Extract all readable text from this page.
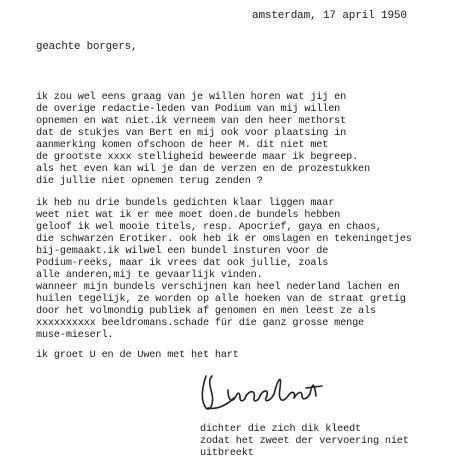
amsterdam, 17 april 1950
geachte borgers,
ik zou wel eens graag van je willen horen wat jij en
de overige redactie-leden van Podium van mij willen
opnemen en wat niet.ik verneem van den heer methorst
dat de stukjes van Bert en mij ook voor plaatsing in
aanmerking komen ofschoon de heer M. dit niet met
de grootste xxxx stelligheid beweerde maar ik begreep.
als het even kan wil je dan de verzen en de prozestukken
die jullie niet opnemen terug zenden ?
ik heb nu drie bundels gedichten klaar liggen maar
weet niet wat ik er mee moet doen.de bundels hebben
geloof ik wel mooie titels, resp. Apocrief, gaya en chaos,
die schwarzen Erotiker. ook heb ik er omslagen en tekeningetjes
bij-gemaakt.ik wilwel een bundel insturen voor de
Podium-reeks, maar ik vrees dat ook jullie, zoals
alle anderen,mij te gevaarlijk vinden.
wanneer mijn bundels verschijnen kan heel nederland lachen en
huilen tegelijk, ze worden op alle hoeken van de straat gretig
door het volmondig publiek af genomen en men leest ze als
xxxxxxxxxx beeldromans.schade für die ganz grosse menge
muse-mieserl.
ik groet U en de Uwen met het hart
dichter die zich dik kleedt
zodat het zweet der vervoering niet
uitbreekt
